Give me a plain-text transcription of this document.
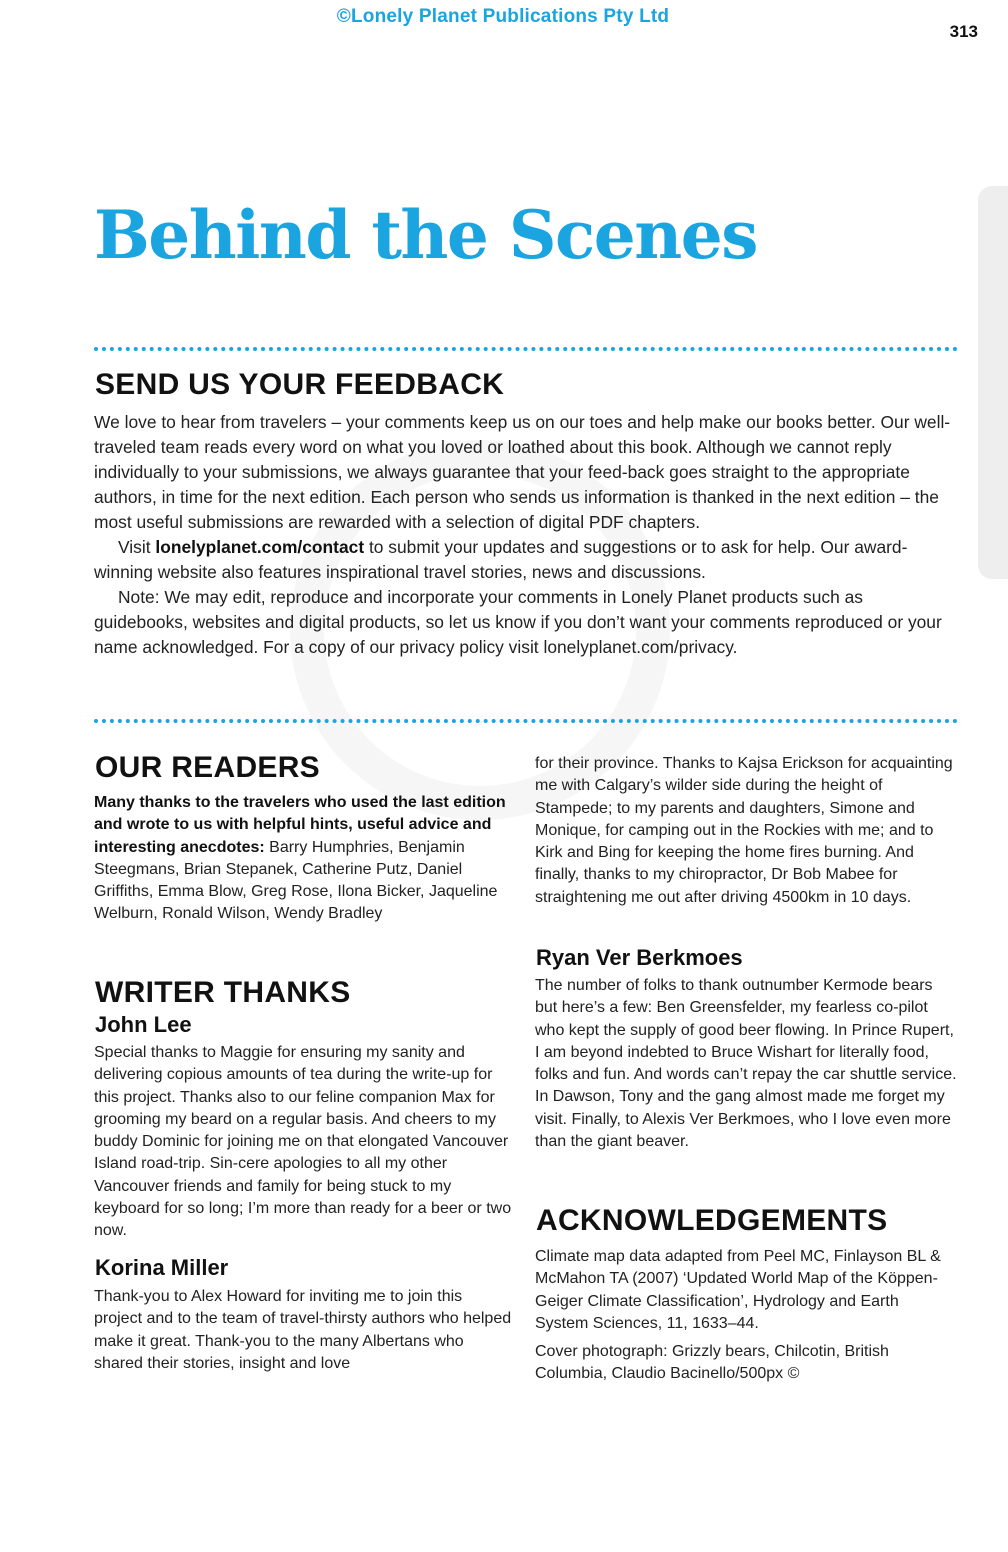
©Lonely Planet Publications Pty Ltd
313
Behind the Scenes
SEND US YOUR FEEDBACK

We love to hear from travelers – your comments keep us on our toes and help make our books better. Our well-traveled team reads every word on what you loved or loathed about this book. Although we cannot reply individually to your submissions, we always guarantee that your feed-back goes straight to the appropriate authors, in time for the next edition. Each person who sends us information is thanked in the next edition – the most useful submissions are rewarded with a selection of digital PDF chapters.

Visit lonelyplanet.com/contact to submit your updates and suggestions or to ask for help. Our award-winning website also features inspirational travel stories, news and discussions.

Note: We may edit, reproduce and incorporate your comments in Lonely Planet products such as guidebooks, websites and digital products, so let us know if you don’t want your comments reproduced or your name acknowledged. For a copy of our privacy policy visit lonelyplanet.com/privacy.

OUR READERS

Many thanks to the travelers who used the last edition and wrote to us with helpful hints, useful advice and interesting anecdotes: Barry Humphries, Benjamin Steegmans, Brian Stepanek, Catherine Putz, Daniel Griffiths, Emma Blow, Greg Rose, Ilona Bicker, Jaqueline Welburn, Ronald Wilson, Wendy Bradley

WRITER THANKS
John Lee

Special thanks to Maggie for ensuring my sanity and delivering copious amounts of tea during the write-up for this project. Thanks also to our feline companion Max for grooming my beard on a regular basis. And cheers to my buddy Dominic for joining me on that elongated Vancouver Island road-trip. Sin-cere apologies to all my other Vancouver friends and family for being stuck to my keyboard for so long; I’m more than ready for a beer or two now.

Korina Miller

Thank-you to Alex Howard for inviting me to join this project and to the team of travel-thirsty authors who helped make it great. Thank-you to the many Albertans who shared their stories, insight and love

for their province. Thanks to Kajsa Erickson for acquainting me with Calgary’s wilder side during the height of Stampede; to my parents and daughters, Simone and Monique, for camping out in the Rockies with me; and to Kirk and Bing for keeping the home fires burning. And finally, thanks to my chiropractor, Dr Bob Mabee for straightening me out after driving 4500km in 10 days.

Ryan Ver Berkmoes

The number of folks to thank outnumber Kermode bears but here’s a few: Ben Greensfelder, my fearless co-pilot who kept the supply of good beer flowing. In Prince Rupert, I am beyond indebted to Bruce Wishart for literally food, folks and fun. And words can’t repay the car shuttle service. In Dawson, Tony and the gang almost made me forget my visit. Finally, to Alexis Ver Berkmoes, who I love even more than the giant beaver.

ACKNOWLEDGEMENTS

Climate map data adapted from Peel MC, Finlayson BL & McMahon TA (2007) ‘Updated World Map of the Köppen-Geiger Climate Classification’, Hydrology and Earth System Sciences, 11, 1633–44.

Cover photograph: Grizzly bears, Chilcotin, British Columbia, Claudio Bacinello/500px ©
